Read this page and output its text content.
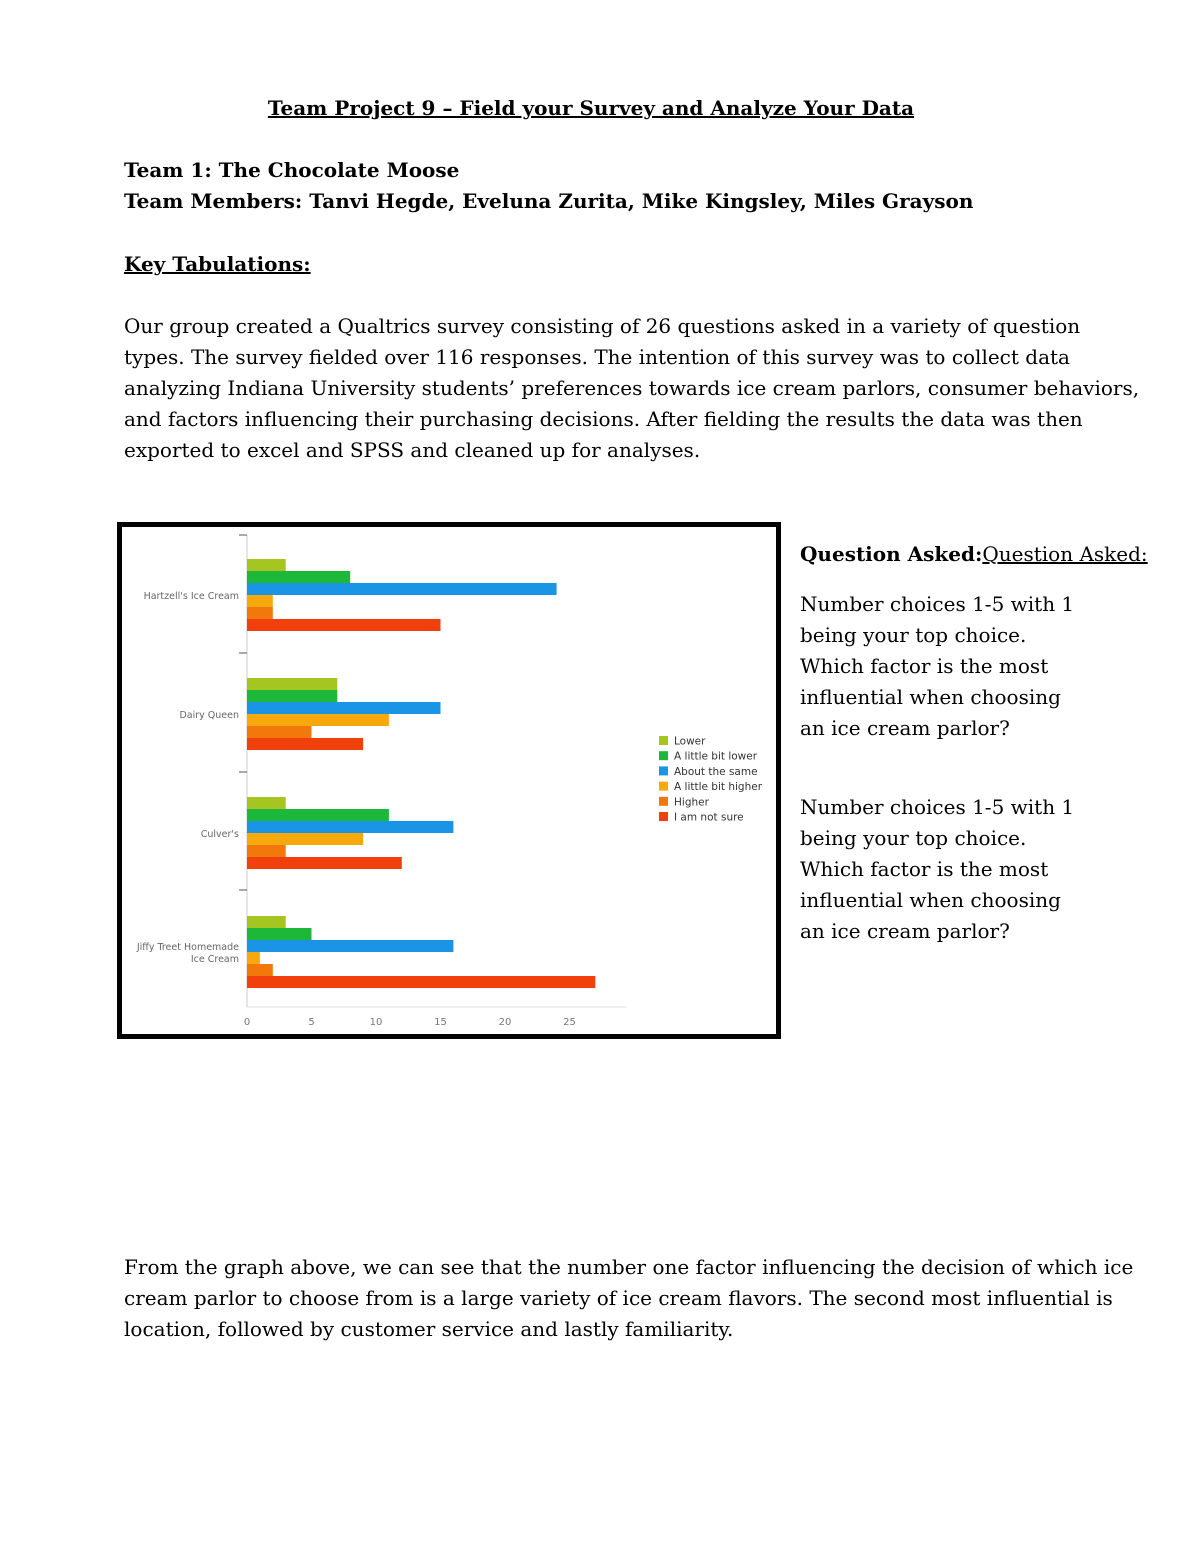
Team Project 9 – Field your Survey and Analyze Your Data
Team 1: The Chocolate Moose
Team Members: Tanvi Hegde, Eveluna Zurita, Mike Kingsley, Miles Grayson
Key Tabulations:

Our group created a Qualtrics survey consisting of 26 questions asked in a variety of question
types. The survey fielded over 116 responses. The intention of this survey was to collect data
analyzing Indiana University students’ preferences towards ice cream parlors, consumer behaviors,
and factors influencing their purchasing decisions. After fielding the results the data was then
exported to excel and SPSS and cleaned up for analyses.

Hartzell's Ice Cream
Dairy Queen
Culver's
Jiffy Treet Homemade
Ice Cream
0	5	10	15	20	25
Lower
A little bit lower
About the same
A little bit higher
Higher
I am not sure
Question Asked:Question Asked:

Number choices 1-5 with 1
being your top choice.
Which factor is the most
influential when choosing
an ice cream parlor?

Number choices 1-5 with 1
being your top choice.
Which factor is the most
influential when choosing
an ice cream parlor?

From the graph above, we can see that the number one factor influencing the decision of which ice
cream parlor to choose from is a large variety of ice cream flavors. The second most influential is
location, followed by customer service and lastly familiarity.
